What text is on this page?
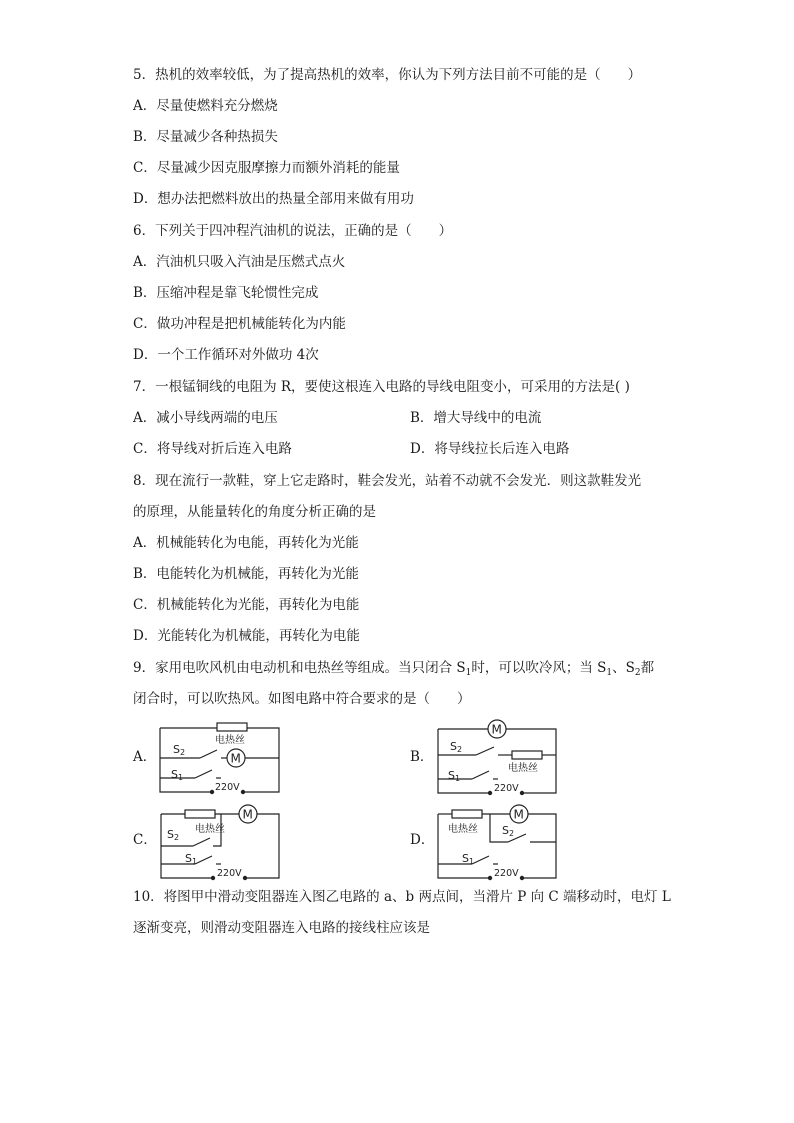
5．热机的效率较低，为了提高热机的效率，你认为下列方法目前不可能的是（　　）
A．尽量使燃料充分燃烧
B．尽量减少各种热损失
C．尽量减少因克服摩擦力而额外消耗的能量
D．想办法把燃料放出的热量全部用来做有用功
6．下列关于四冲程汽油机的说法，正确的是（　　）
A．汽油机只吸入汽油是压燃式点火
B．压缩冲程是靠飞轮惯性完成
C．做功冲程是把机械能转化为内能
D．一个工作循环对外做功 4次
7．一根锰铜线的电阻为 R，要使这根连入电路的导线电阻变小，可采用的方法是( )
A．减小导线两端的电压	B．增大导线中的电流
C．将导线对折后连入电路	D．将导线拉长后连入电路
8．现在流行一款鞋，穿上它走路时，鞋会发光，站着不动就不会发光．则这款鞋发光
的原理，从能量转化的角度分析正确的是
A．机械能转化为电能，再转化为光能
B．电能转化为机械能，再转化为光能
C．机械能转化为光能，再转化为电能
D．光能转化为机械能，再转化为电能
9．家用电吹风机由电动机和电热丝等组成。当只闭合 $S_1$时，可以吹冷风；当 $S_1$、$S_2$都
闭合时，可以吹热风。如图电路中符合要求的是（　　）
A．	B．
C．	D．
电热丝
M
S2
S1
220V
M
电热丝
S2
S1
220V
M
电热丝
S2
S1
220V
M
电热丝 S2
S1
220V
10．将图甲中滑动变阻器连入图乙电路的 a、b 两点间，当滑片 P 向 C 端移动时，电灯 L
逐渐变亮，则滑动变阻器连入电路的接线柱应该是
